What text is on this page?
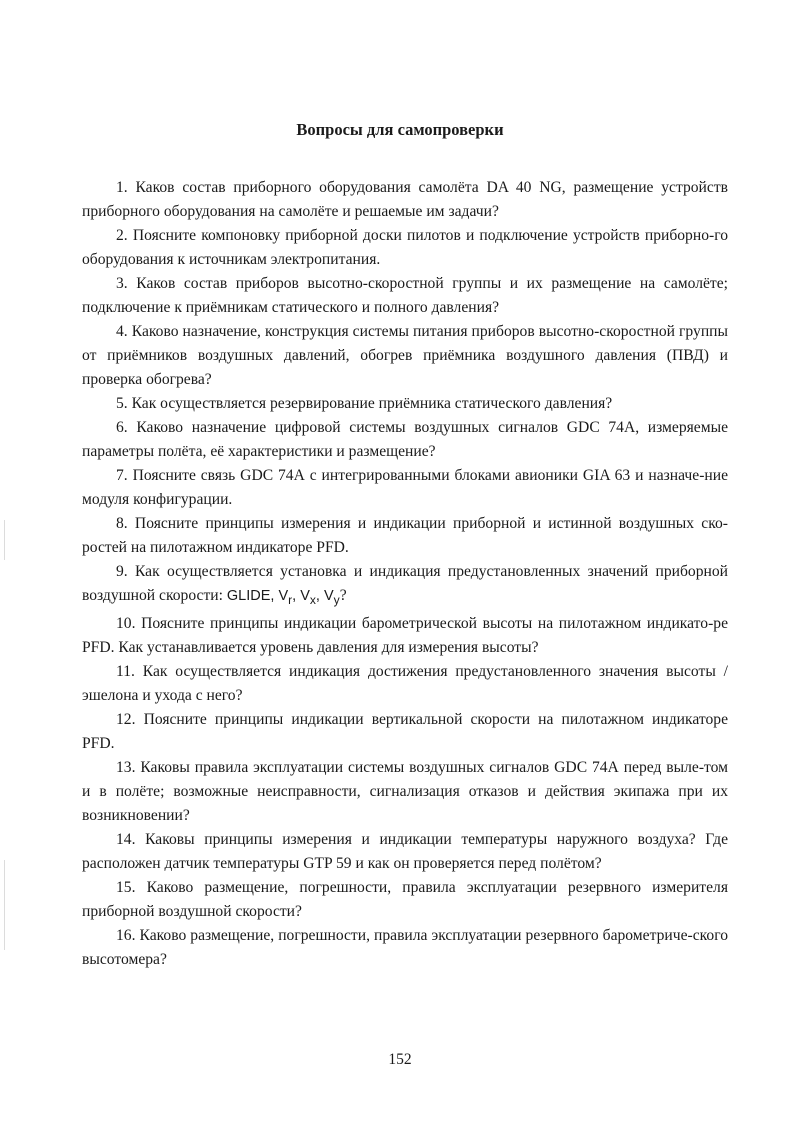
Вопросы для самопроверки

1. Каков состав приборного оборудования самолёта DA 40 NG, размещение устройств приборного оборудования на самолёте и решаемые им задачи?

2. Поясните компоновку приборной доски пилотов и подключение устройств приборно-го оборудования к источникам электропитания.

3. Каков состав приборов высотно-скоростной группы и их размещение на самолёте; подключение к приёмникам статического и полного давления?

4. Каково назначение, конструкция системы питания приборов высотно-скоростной группы от приёмников воздушных давлений, обогрев приёмника воздушного давления (ПВД) и проверка обогрева?

5. Как осуществляется резервирование приёмника статического давления?

6. Каково назначение цифровой системы воздушных сигналов GDC 74А, измеряемые параметры полёта, её характеристики и размещение?

7. Поясните связь GDC 74А с интегрированными блоками авионики GIA 63 и назначе-ние модуля конфигурации.

8. Поясните принципы измерения и индикации приборной и истинной воздушных ско-ростей на пилотажном индикаторе PFD.

9. Как осуществляется установка и индикация предустановленных значений приборной воздушной скорости: GLIDE, $V_r$, $V_x$, $V_y$?

10. Поясните принципы индикации барометрической высоты на пилотажном индикато-ре PFD. Как устанавливается уровень давления для измерения высоты?

11. Как осуществляется индикация достижения предустановленного значения высоты / эшелона и ухода с него?

12. Поясните принципы индикации вертикальной скорости на пилотажном индикаторе PFD.

13. Каковы правила эксплуатации системы воздушных сигналов GDC 74А перед выле-том и в полёте; возможные неисправности, сигнализация отказов и действия экипажа при их возникновении?

14. Каковы принципы измерения и индикации температуры наружного воздуха? Где расположен датчик температуры GTP 59 и как он проверяется перед полётом?

15. Каково размещение, погрешности, правила эксплуатации резервного измерителя приборной воздушной скорости?

16. Каково размещение, погрешности, правила эксплуатации резервного барометриче-ского высотомера?

152
